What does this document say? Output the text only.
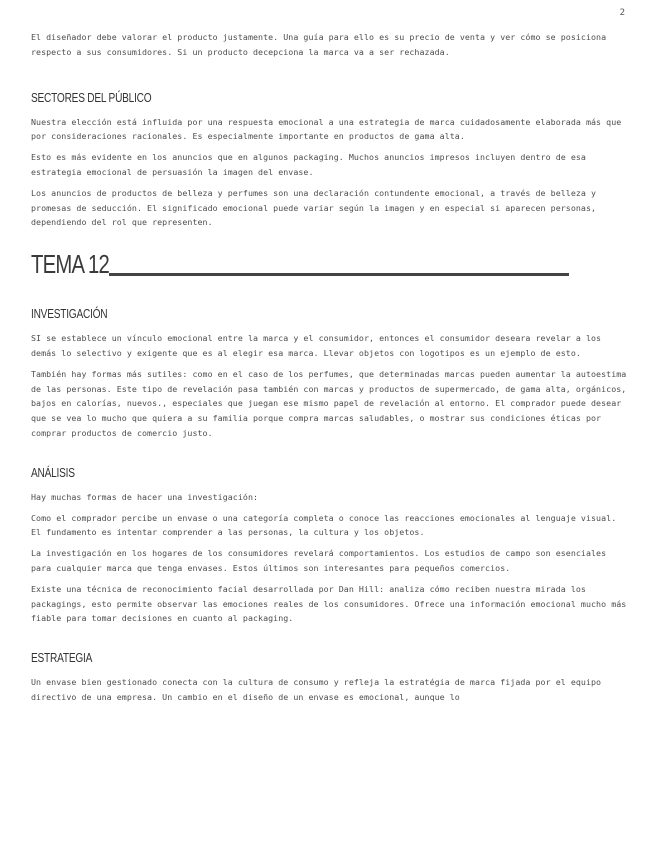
2

El diseñador debe valorar el producto justamente. Una guía para ello es su precio de venta y ver cómo se posiciona respecto a sus consumidores. Si un producto decepciona la marca va a ser rechazada.

SECTORES DEL PÚBLICO

Nuestra elección está influida por una respuesta emocional a una estrategia de marca cuidadosamente elaborada más que por consideraciones racionales. Es especialmente importante en productos de gama alta.

Esto es más evidente en los anuncios que en algunos packaging. Muchos anuncios impresos incluyen dentro de esa estrategia emocional de persuasión la imagen del envase.

Los anuncios de productos de belleza y perfumes son una declaración contundente emocional, a través de belleza y promesas de seducción. El significado emocional puede variar según la imagen y en especial si aparecen personas, dependiendo del rol que representen.

TEMA 12
INVESTIGACIÓN

SI se establece un vínculo emocional entre la marca y el consumidor, entonces el consumidor deseara revelar a los demás lo selectivo y exigente que es al elegir esa marca. Llevar objetos con logotipos es un ejemplo de esto.

También hay formas más sutiles: como en el caso de los perfumes, que determinadas marcas pueden aumentar la autoestima de las personas. Este tipo de revelación pasa también con marcas y productos de supermercado, de gama alta, orgánicos, bajos en calorías, nuevos., especiales que juegan ese mismo papel de revelación al entorno. El comprador puede desear que se vea lo mucho que quiera a su familia porque compra marcas saludables, o mostrar sus condiciones éticas por comprar productos de comercio justo.

ANÁLISIS

Hay muchas formas de hacer una investigación:

Como el comprador percibe un envase o una categoría completa o conoce las reacciones emocionales al lenguaje visual. El fundamento es intentar comprender a las personas, la cultura y los objetos.

La investigación en los hogares de los consumidores revelará comportamientos. Los estudios de campo son esenciales para cualquier marca que tenga envases. Estos últimos son interesantes para pequeños comercios.

Existe una técnica de reconocimiento facial desarrollada por Dan Hill: analiza cómo reciben nuestra mirada los packagings, esto permite observar las emociones reales de los consumidores. Ofrece una información emocional mucho más fiable para tomar decisiones en cuanto al packaging.

ESTRATEGIA

Un envase bien gestionado conecta con la cultura de consumo y refleja la estratégia de marca fijada por el equipo directivo de una empresa. Un cambio en el diseño de un envase es emocional, aunque lo
